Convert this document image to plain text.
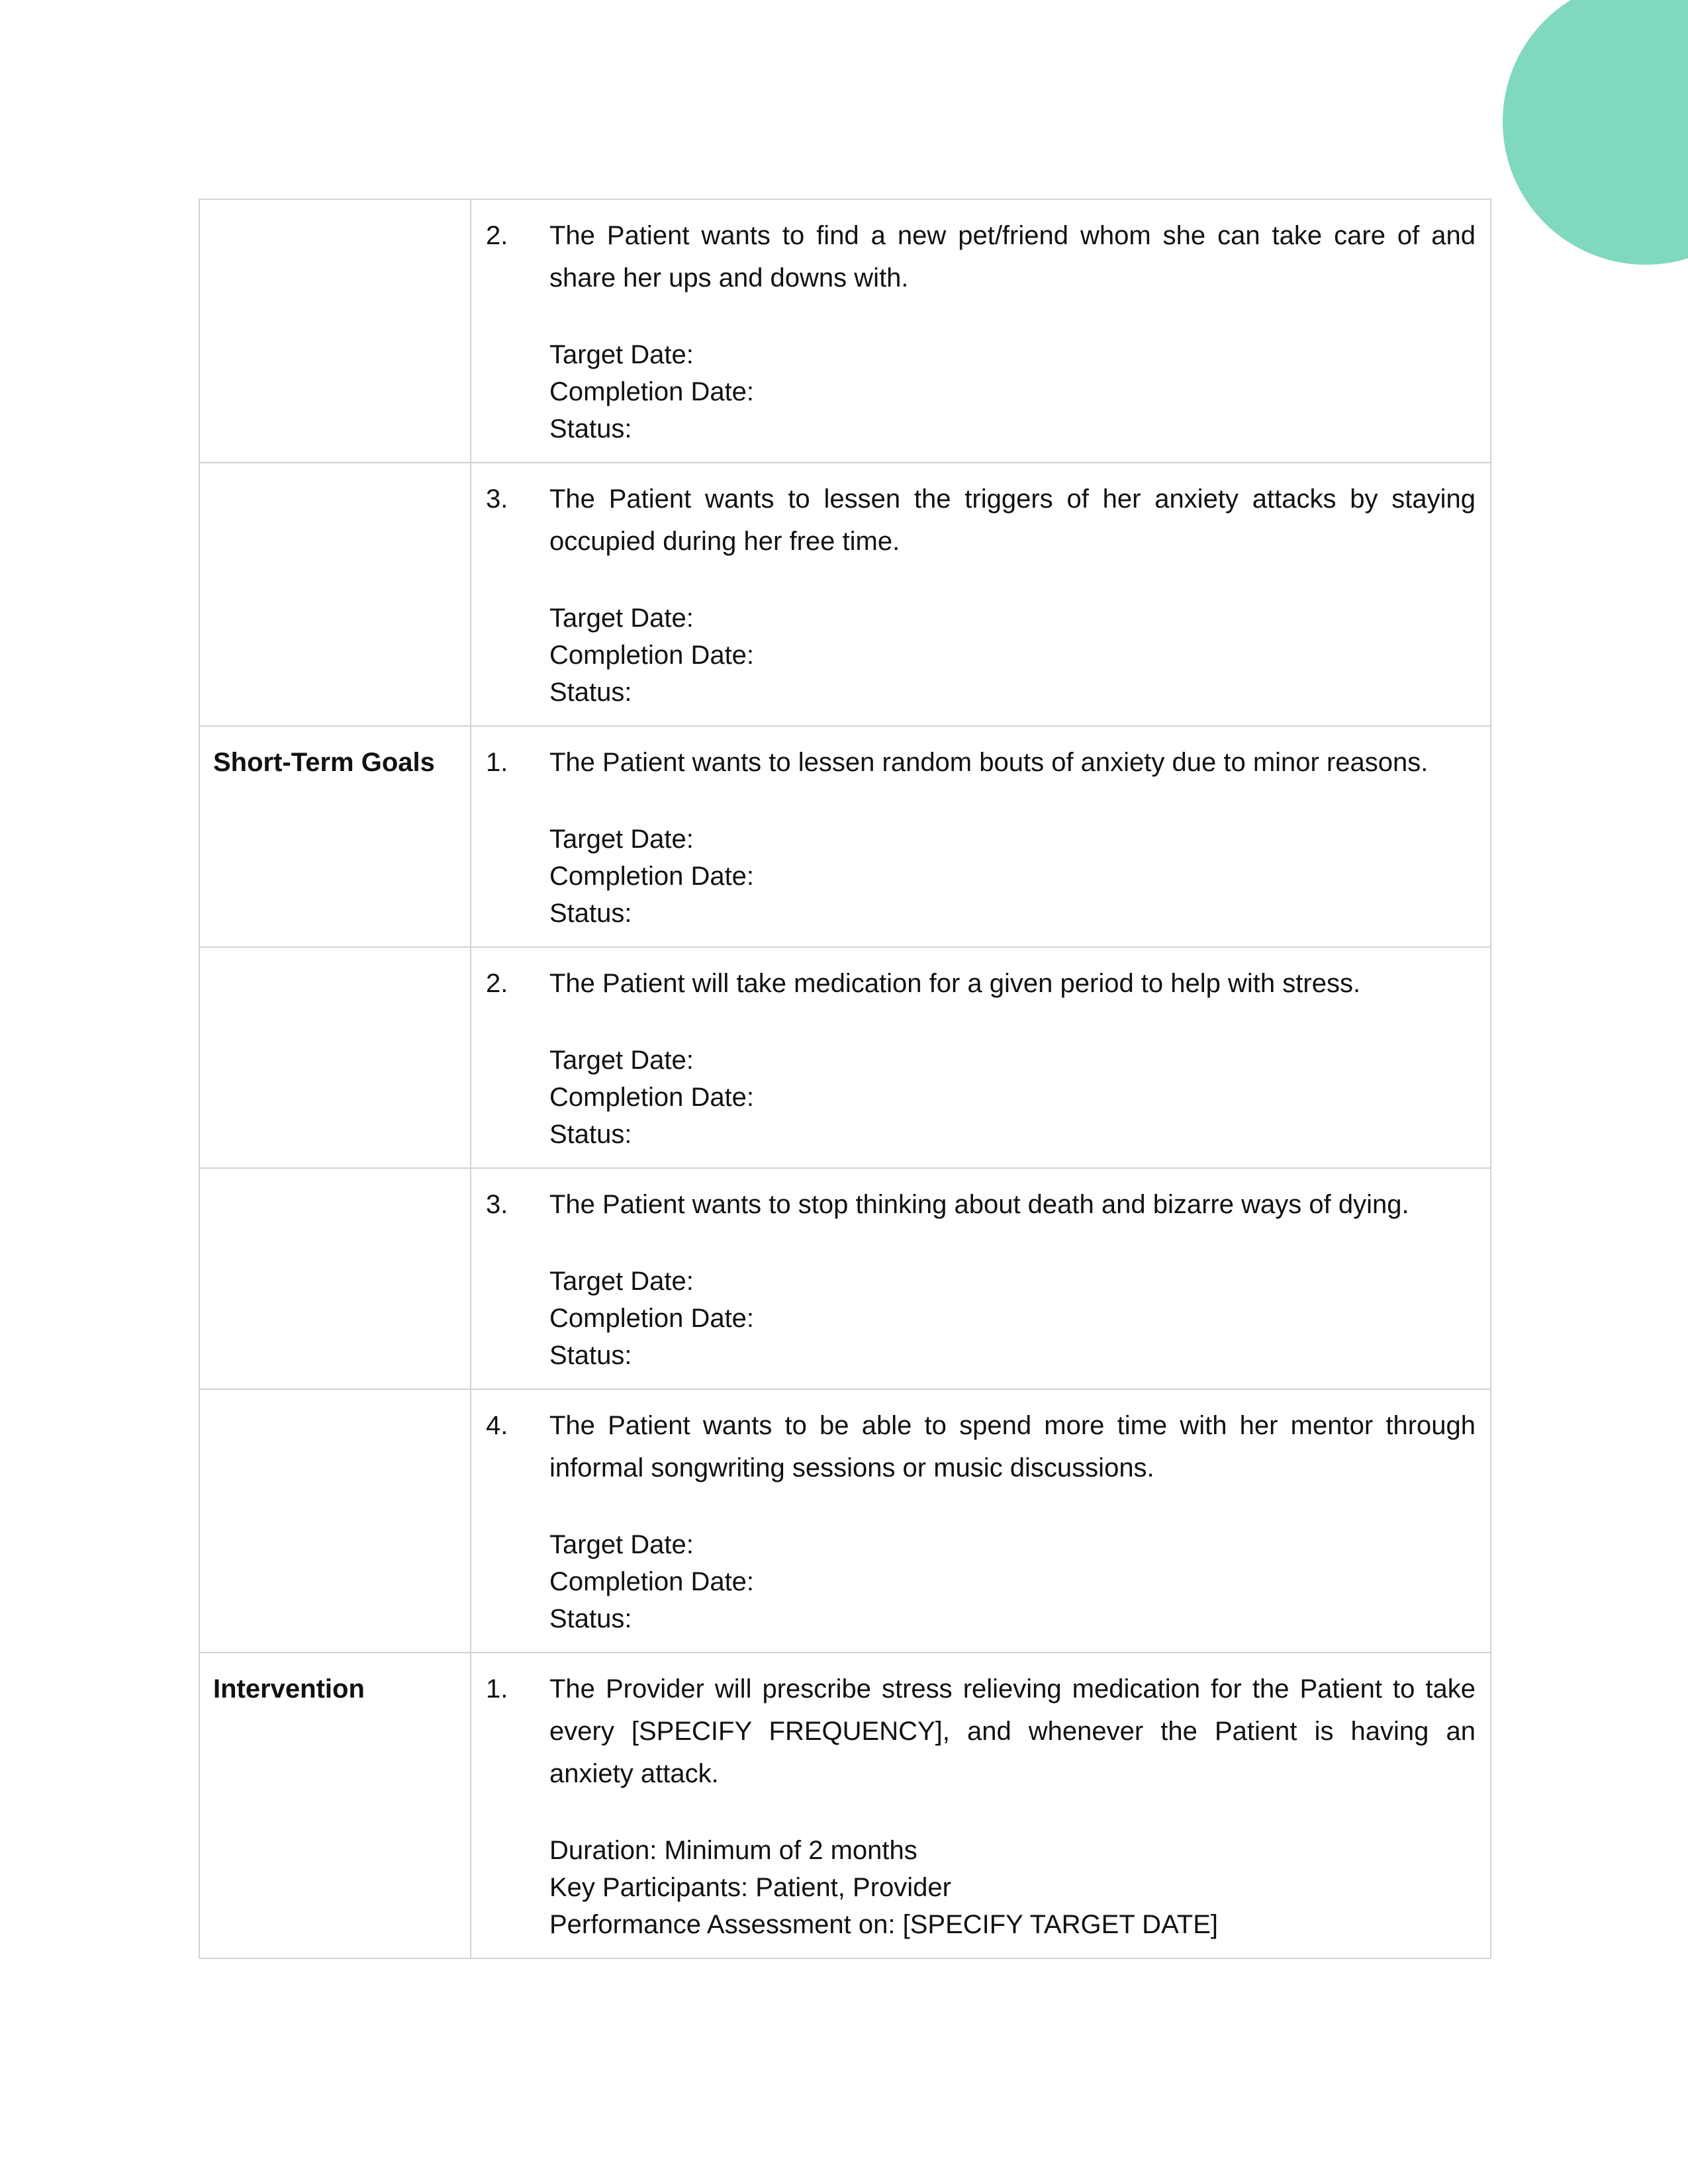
	2. The Patient wants to find a new pet/friend whom she can take care of and share her ups and downs with.
Target Date:
Completion Date:
Status:

	3. The Patient wants to lessen the triggers of her anxiety attacks by staying occupied during her free time.
Target Date:
Completion Date:
Status:

Short-Term Goals	1. The Patient wants to lessen random bouts of anxiety due to minor reasons.
Target Date:
Completion Date:
Status:

	2. The Patient will take medication for a given period to help with stress.
Target Date:
Completion Date:
Status:

	3. The Patient wants to stop thinking about death and bizarre ways of dying.
Target Date:
Completion Date:
Status:

	4. The Patient wants to be able to spend more time with her mentor through informal songwriting sessions or music discussions.
Target Date:
Completion Date:
Status:

Intervention	1. The Provider will prescribe stress relieving medication for the Patient to take every [SPECIFY FREQUENCY], and whenever the Patient is having an anxiety attack.
Duration: Minimum of 2 months
Key Participants: Patient, Provider
Performance Assessment on: [SPECIFY TARGET DATE]
